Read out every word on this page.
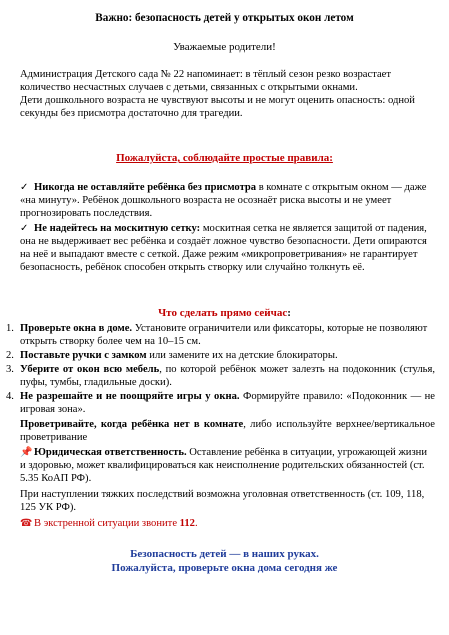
Важно: безопасность детей у открытых окон летом
Уважаемые родители!

Администрация Детского сада № 22 напоминает: в тёплый сезон резко возрастает количество несчастных случаев с детьми, связанных с открытыми окнами.

Дети дошкольного возраста не чувствуют высоты и не могут оценить опасность: одной секунды без присмотра достаточно для трагедии.

Пожалуйста, соблюдайте простые правила:

✓ Никогда не оставляйте ребёнка без присмотра в комнате с открытым окном — даже «на минуту». Ребёнок дошкольного возраста не осознаёт риска высоты и не умеет прогнозировать последствия.

✓ Не надейтесь на москитную сетку: москитная сетка не является защитой от падения, она не выдерживает вес ребёнка и создаёт ложное чувство безопасности. Дети опираются на неё и выпадают вместе с сеткой. Даже режим «микропроветривания» не гарантирует безопасность, ребёнок способен открыть створку или случайно толкнуть её.

Что сделать прямо сейчас:
1. Проверьте окна в доме. Установите ограничители или фиксаторы, которые не позволяют открыть створку более чем на 10–15 см.

2. Поставьте ручки с замком или замените их на детские блокираторы.

3. Уберите от окон всю мебель, по которой ребёнок может залезть на подоконник (стулья, пуфы, тумбы, гладильные доски).

4. Не разрешайте и не поощряйте игры у окна. Формируйте правило: «Подоконник — не игровая зона».

Проветривайте, когда ребёнка нет в комнате, либо используйте верхнее/вертикальное проветривание

📌 Юридическая ответственность. Оставление ребёнка в ситуации, угрожающей жизни и здоровью, может квалифицироваться как неисполнение родительских обязанностей (ст. 5.35 КоАП РФ).

При наступлении тяжких последствий возможна уголовная ответственность (ст. 109, 118, 125 УК РФ).

☎ В экстренной ситуации звоните 112.

Безопасность детей — в наших руках.
Пожалуйста, проверьте окна дома сегодня же
